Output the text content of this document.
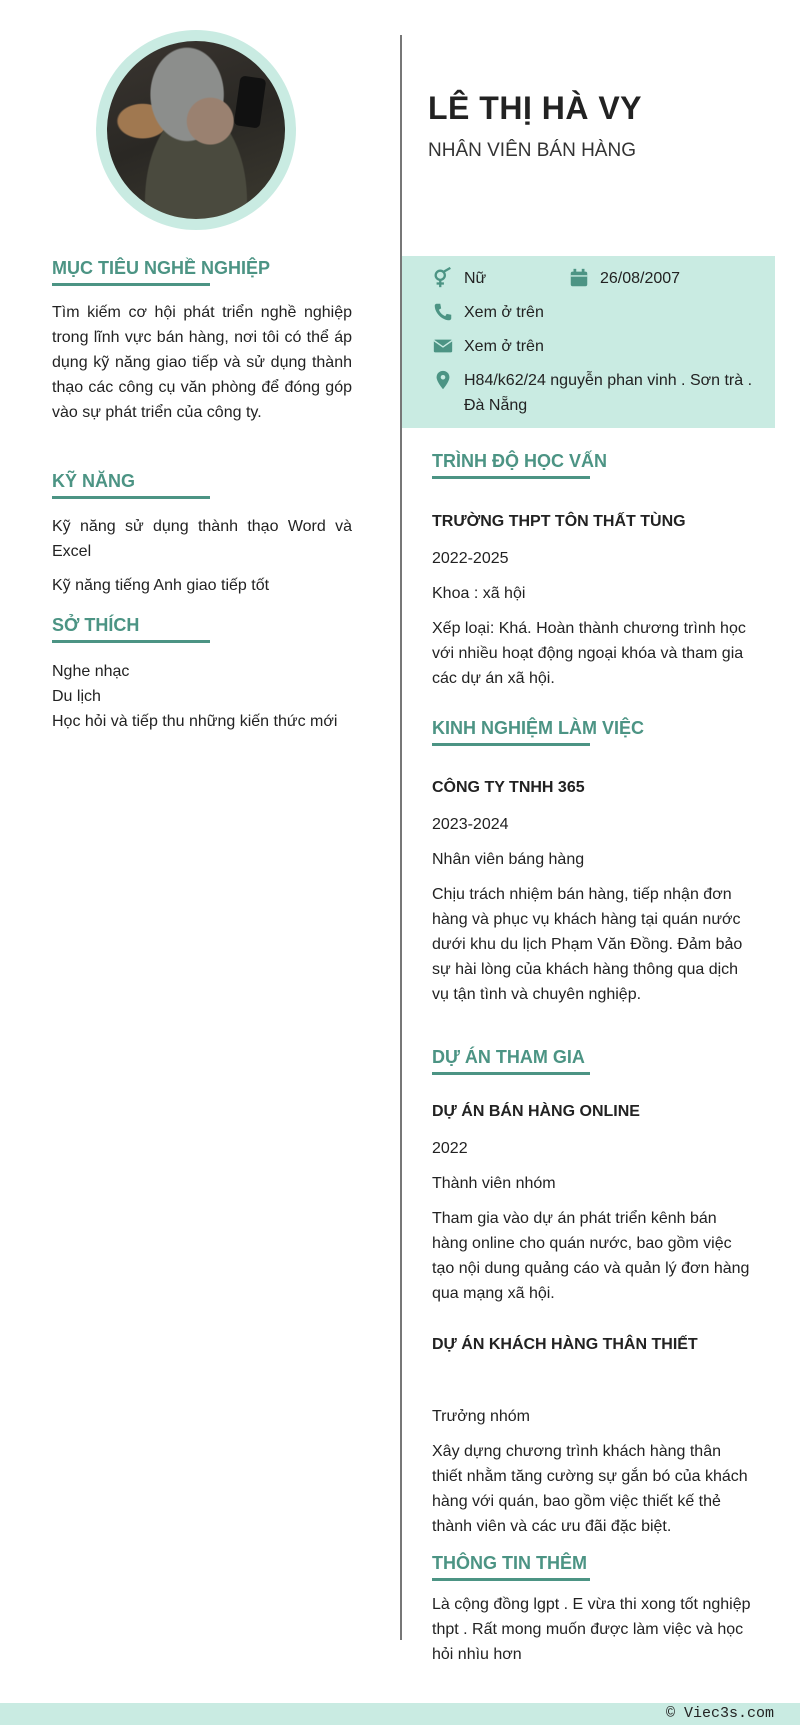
MỤC TIÊU NGHỀ NGHIỆP
Tìm kiếm cơ hội phát triển nghề nghiệp trong lĩnh vực bán hàng, nơi tôi có thể áp dụng kỹ năng giao tiếp và sử dụng thành thạo các công cụ văn phòng để đóng góp vào sự phát triển của công ty.
KỸ NĂNG
Kỹ năng sử dụng thành thạo Word và Excel
Kỹ năng tiếng Anh giao tiếp tốt
SỞ THÍCH
Nghe nhạc
Du lịch
Học hỏi và tiếp thu những kiến thức mới
LÊ THỊ HÀ VY
NHÂN VIÊN BÁN HÀNG
Nữ	26/08/2007
Xem ở trên
Xem ở trên
H84/k62/24 nguyễn phan vinh . Sơn trà . Đà Nẵng
TRÌNH ĐỘ HỌC VẤN
TRƯỜNG THPT TÔN THẤT TÙNG
2022-2025
Khoa : xã hội
Xếp loại: Khá. Hoàn thành chương trình học với nhiều hoạt động ngoại khóa và tham gia các dự án xã hội.
KINH NGHIỆM LÀM VIỆC
CÔNG TY TNHH 365
2023-2024
Nhân viên báng hàng
Chịu trách nhiệm bán hàng, tiếp nhận đơn hàng và phục vụ khách hàng tại quán nước dưới khu du lịch Phạm Văn Đồng. Đảm bảo sự hài lòng của khách hàng thông qua dịch vụ tận tình và chuyên nghiệp.
DỰ ÁN THAM GIA
DỰ ÁN BÁN HÀNG ONLINE
2022
Thành viên nhóm
Tham gia vào dự án phát triển kênh bán hàng online cho quán nước, bao gồm việc tạo nội dung quảng cáo và quản lý đơn hàng qua mạng xã hội.
DỰ ÁN KHÁCH HÀNG THÂN THIẾT
Trưởng nhóm
Xây dựng chương trình khách hàng thân thiết nhằm tăng cường sự gắn bó của khách hàng với quán, bao gồm việc thiết kế thẻ thành viên và các ưu đãi đặc biệt.
THÔNG TIN THÊM
Là cộng đồng lgpt . E vừa thi xong tốt nghiệp thpt . Rất mong muốn được làm việc và học hỏi nhìu hơn
© Viec3s.com
